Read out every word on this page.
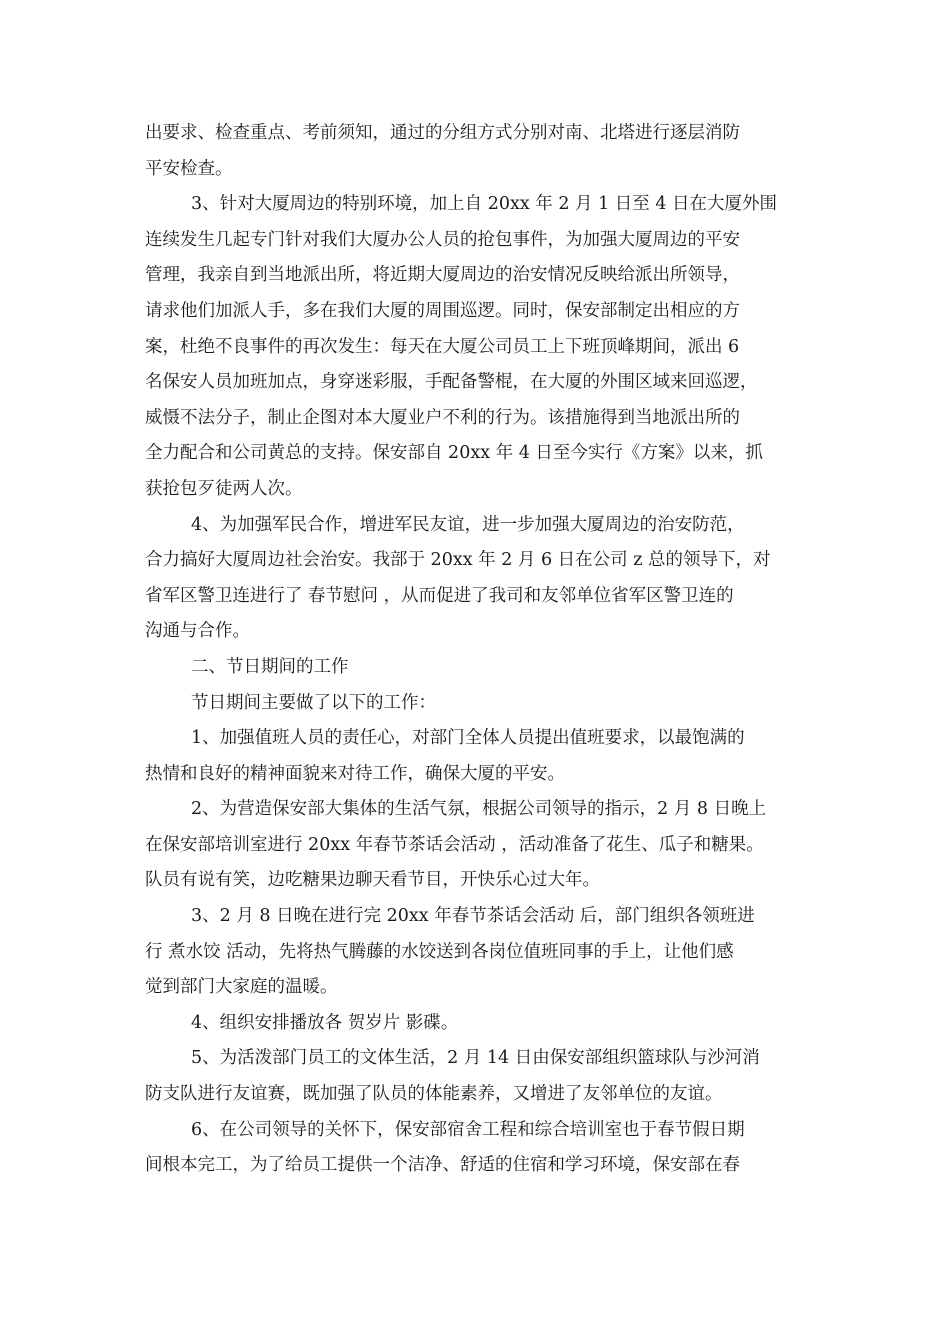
出要求、检查重点、考前须知，通过的分组方式分别对南、北塔进行逐层消防
平安检查。
3、针对大厦周边的特别环境，加上自 20xx 年 2 月 1 日至 4 日在大厦外围
连续发生几起专门针对我们大厦办公人员的抢包事件，为加强大厦周边的平安
管理，我亲自到当地派出所，将近期大厦周边的治安情况反映给派出所领导，
请求他们加派人手，多在我们大厦的周围巡逻。同时，保安部制定出相应的方
案，杜绝不良事件的再次发生：每天在大厦公司员工上下班顶峰期间，派出 6
名保安人员加班加点，身穿迷彩服，手配备警棍，在大厦的外围区域来回巡逻，
威慑不法分子，制止企图对本大厦业户不利的行为。该措施得到当地派出所的
全力配合和公司黄总的支持。保安部自 20xx 年 4 日至今实行《方案》以来，抓
获抢包歹徒两人次。
4、为加强军民合作，增进军民友谊，进一步加强大厦周边的治安防范，
合力搞好大厦周边社会治安。我部于 20xx 年 2 月 6 日在公司 z 总的领导下，对
省军区警卫连进行了 春节慰问 ，从而促进了我司和友邻单位省军区警卫连的
沟通与合作。
二、节日期间的工作
节日期间主要做了以下的工作：
1、加强值班人员的责任心，对部门全体人员提出值班要求，以最饱满的
热情和良好的精神面貌来对待工作，确保大厦的平安。
2、为营造保安部大集体的生活气氛，根据公司领导的指示，2 月 8 日晚上
在保安部培训室进行 20xx 年春节茶话会活动 ，活动准备了花生、瓜子和糖果。
队员有说有笑，边吃糖果边聊天看节目，开快乐心过大年。
3、2 月 8 日晚在进行完 20xx 年春节茶话会活动 后，部门组织各领班进
行 煮水饺 活动，先将热气腾藤的水饺送到各岗位值班同事的手上，让他们感
觉到部门大家庭的温暖。
4、组织安排播放各 贺岁片 影碟。
5、为活泼部门员工的文体生活，2 月 14 日由保安部组织篮球队与沙河消
防支队进行友谊赛，既加强了队员的体能素养，又增进了友邻单位的友谊。
6、在公司领导的关怀下，保安部宿舍工程和综合培训室也于春节假日期
间根本完工，为了给员工提供一个洁净、舒适的住宿和学习环境，保安部在春
